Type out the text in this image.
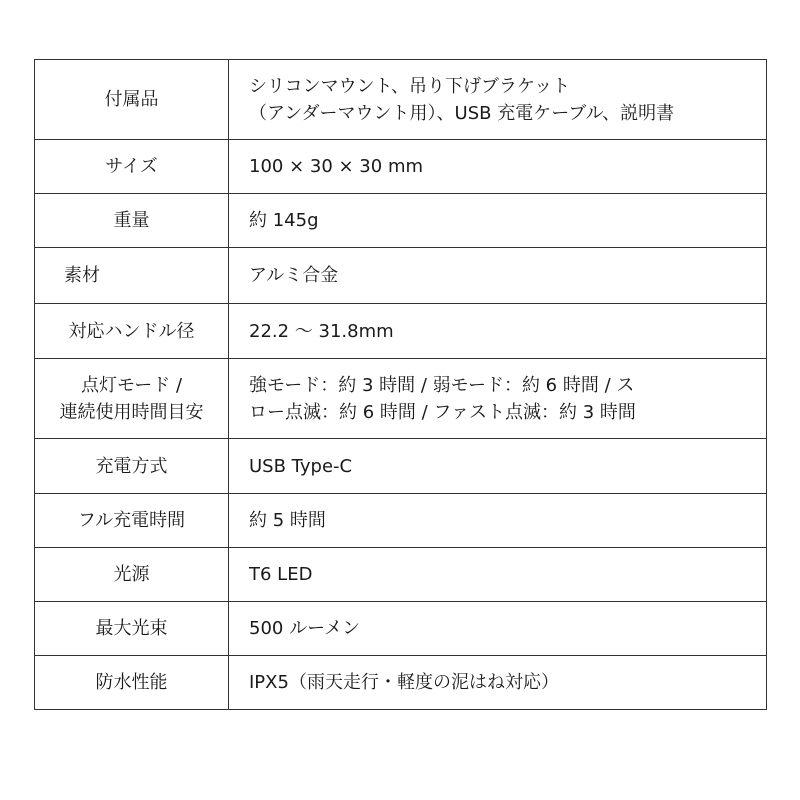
付属品	シリコンマウント、吊り下げブラケット
（アンダーマウント用）、USB 充電ケーブル、説明書

サイズ	100 × 30 × 30 mm

重量	約 145g

素材	アルミ合金

対応ハンドル径	22.2 ～ 31.8mm

点灯モード /
連続使用時間目安	強モード：約 3 時間 / 弱モード：約 6 時間 / ス
ロー点滅：約 6 時間 / ファスト点滅：約 3 時間

充電方式	USB Type-C

フル充電時間	約 5 時間

光源	T6 LED

最大光束	500 ルーメン

防水性能	IPX5（雨天走行・軽度の泥はね対応）
